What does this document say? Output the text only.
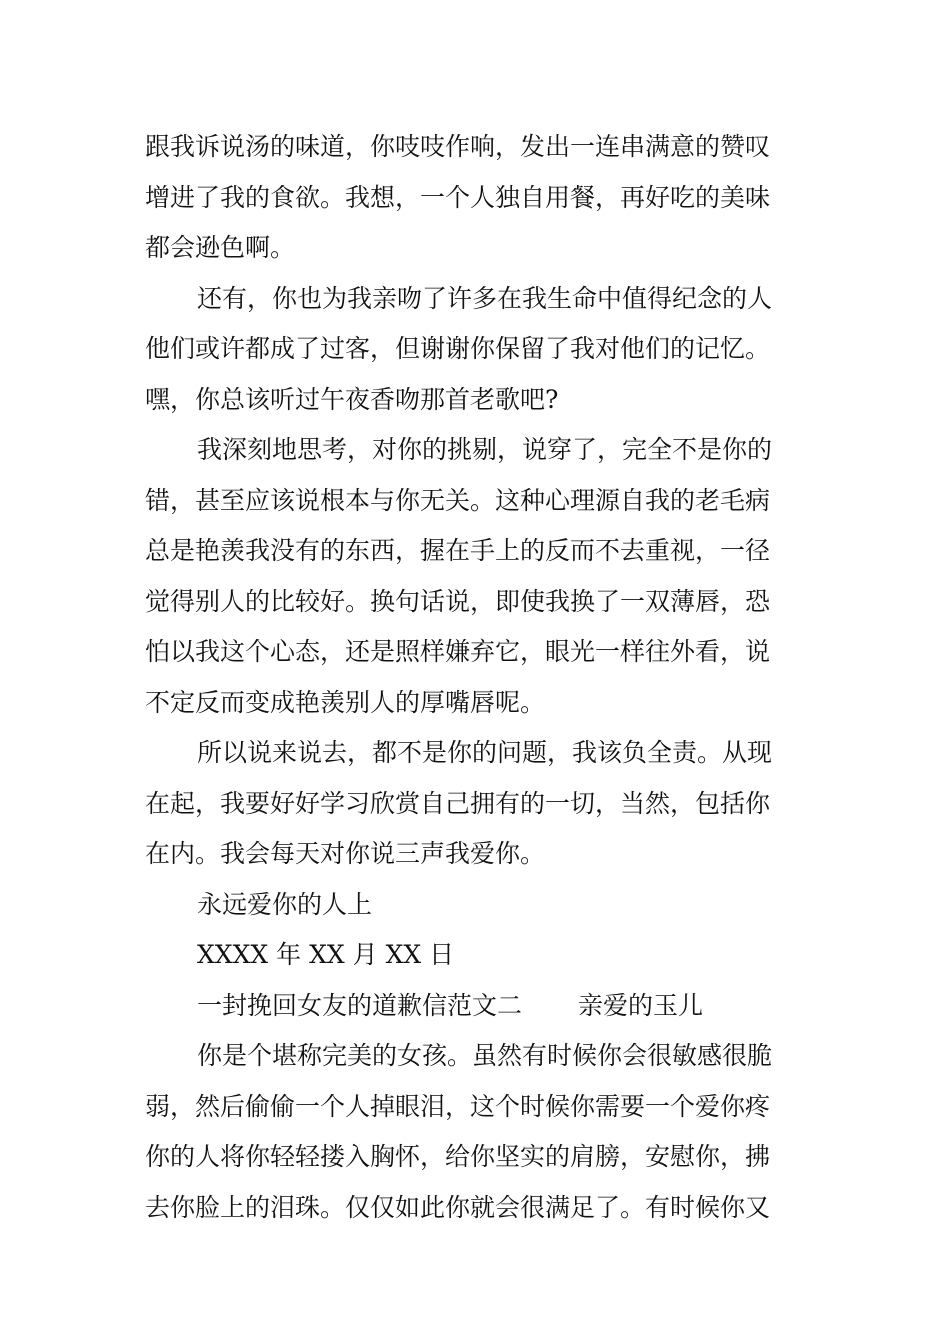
跟我诉说汤的味道，你吱吱作响，发出一连串满意的赞叹
增进了我的食欲。我想，一个人独自用餐，再好吃的美味
都会逊色啊。
还有，你也为我亲吻了许多在我生命中值得纪念的人
他们或许都成了过客，但谢谢你保留了我对他们的记忆。
嘿，你总该听过午夜香吻那首老歌吧?
我深刻地思考，对你的挑剔，说穿了，完全不是你的
错，甚至应该说根本与你无关。这种心理源自我的老毛病
总是艳羡我没有的东西，握在手上的反而不去重视，一径
觉得别人的比较好。换句话说，即使我换了一双薄唇，恐
怕以我这个心态，还是照样嫌弃它，眼光一样往外看，说
不定反而变成艳羡别人的厚嘴唇呢。
所以说来说去，都不是你的问题，我该负全责。从现
在起，我要好好学习欣赏自己拥有的一切，当然，包括你
在内。我会每天对你说三声我爱你。
永远爱你的人上
XXXX 年 XX 月 XX 日
一封挽回女友的道歉信范文二 亲爱的玉儿
你是个堪称完美的女孩。虽然有时候你会很敏感很脆
弱，然后偷偷一个人掉眼泪，这个时候你需要一个爱你疼
你的人将你轻轻搂入胸怀，给你坚实的肩膀，安慰你，拂
去你脸上的泪珠。仅仅如此你就会很满足了。有时候你又
